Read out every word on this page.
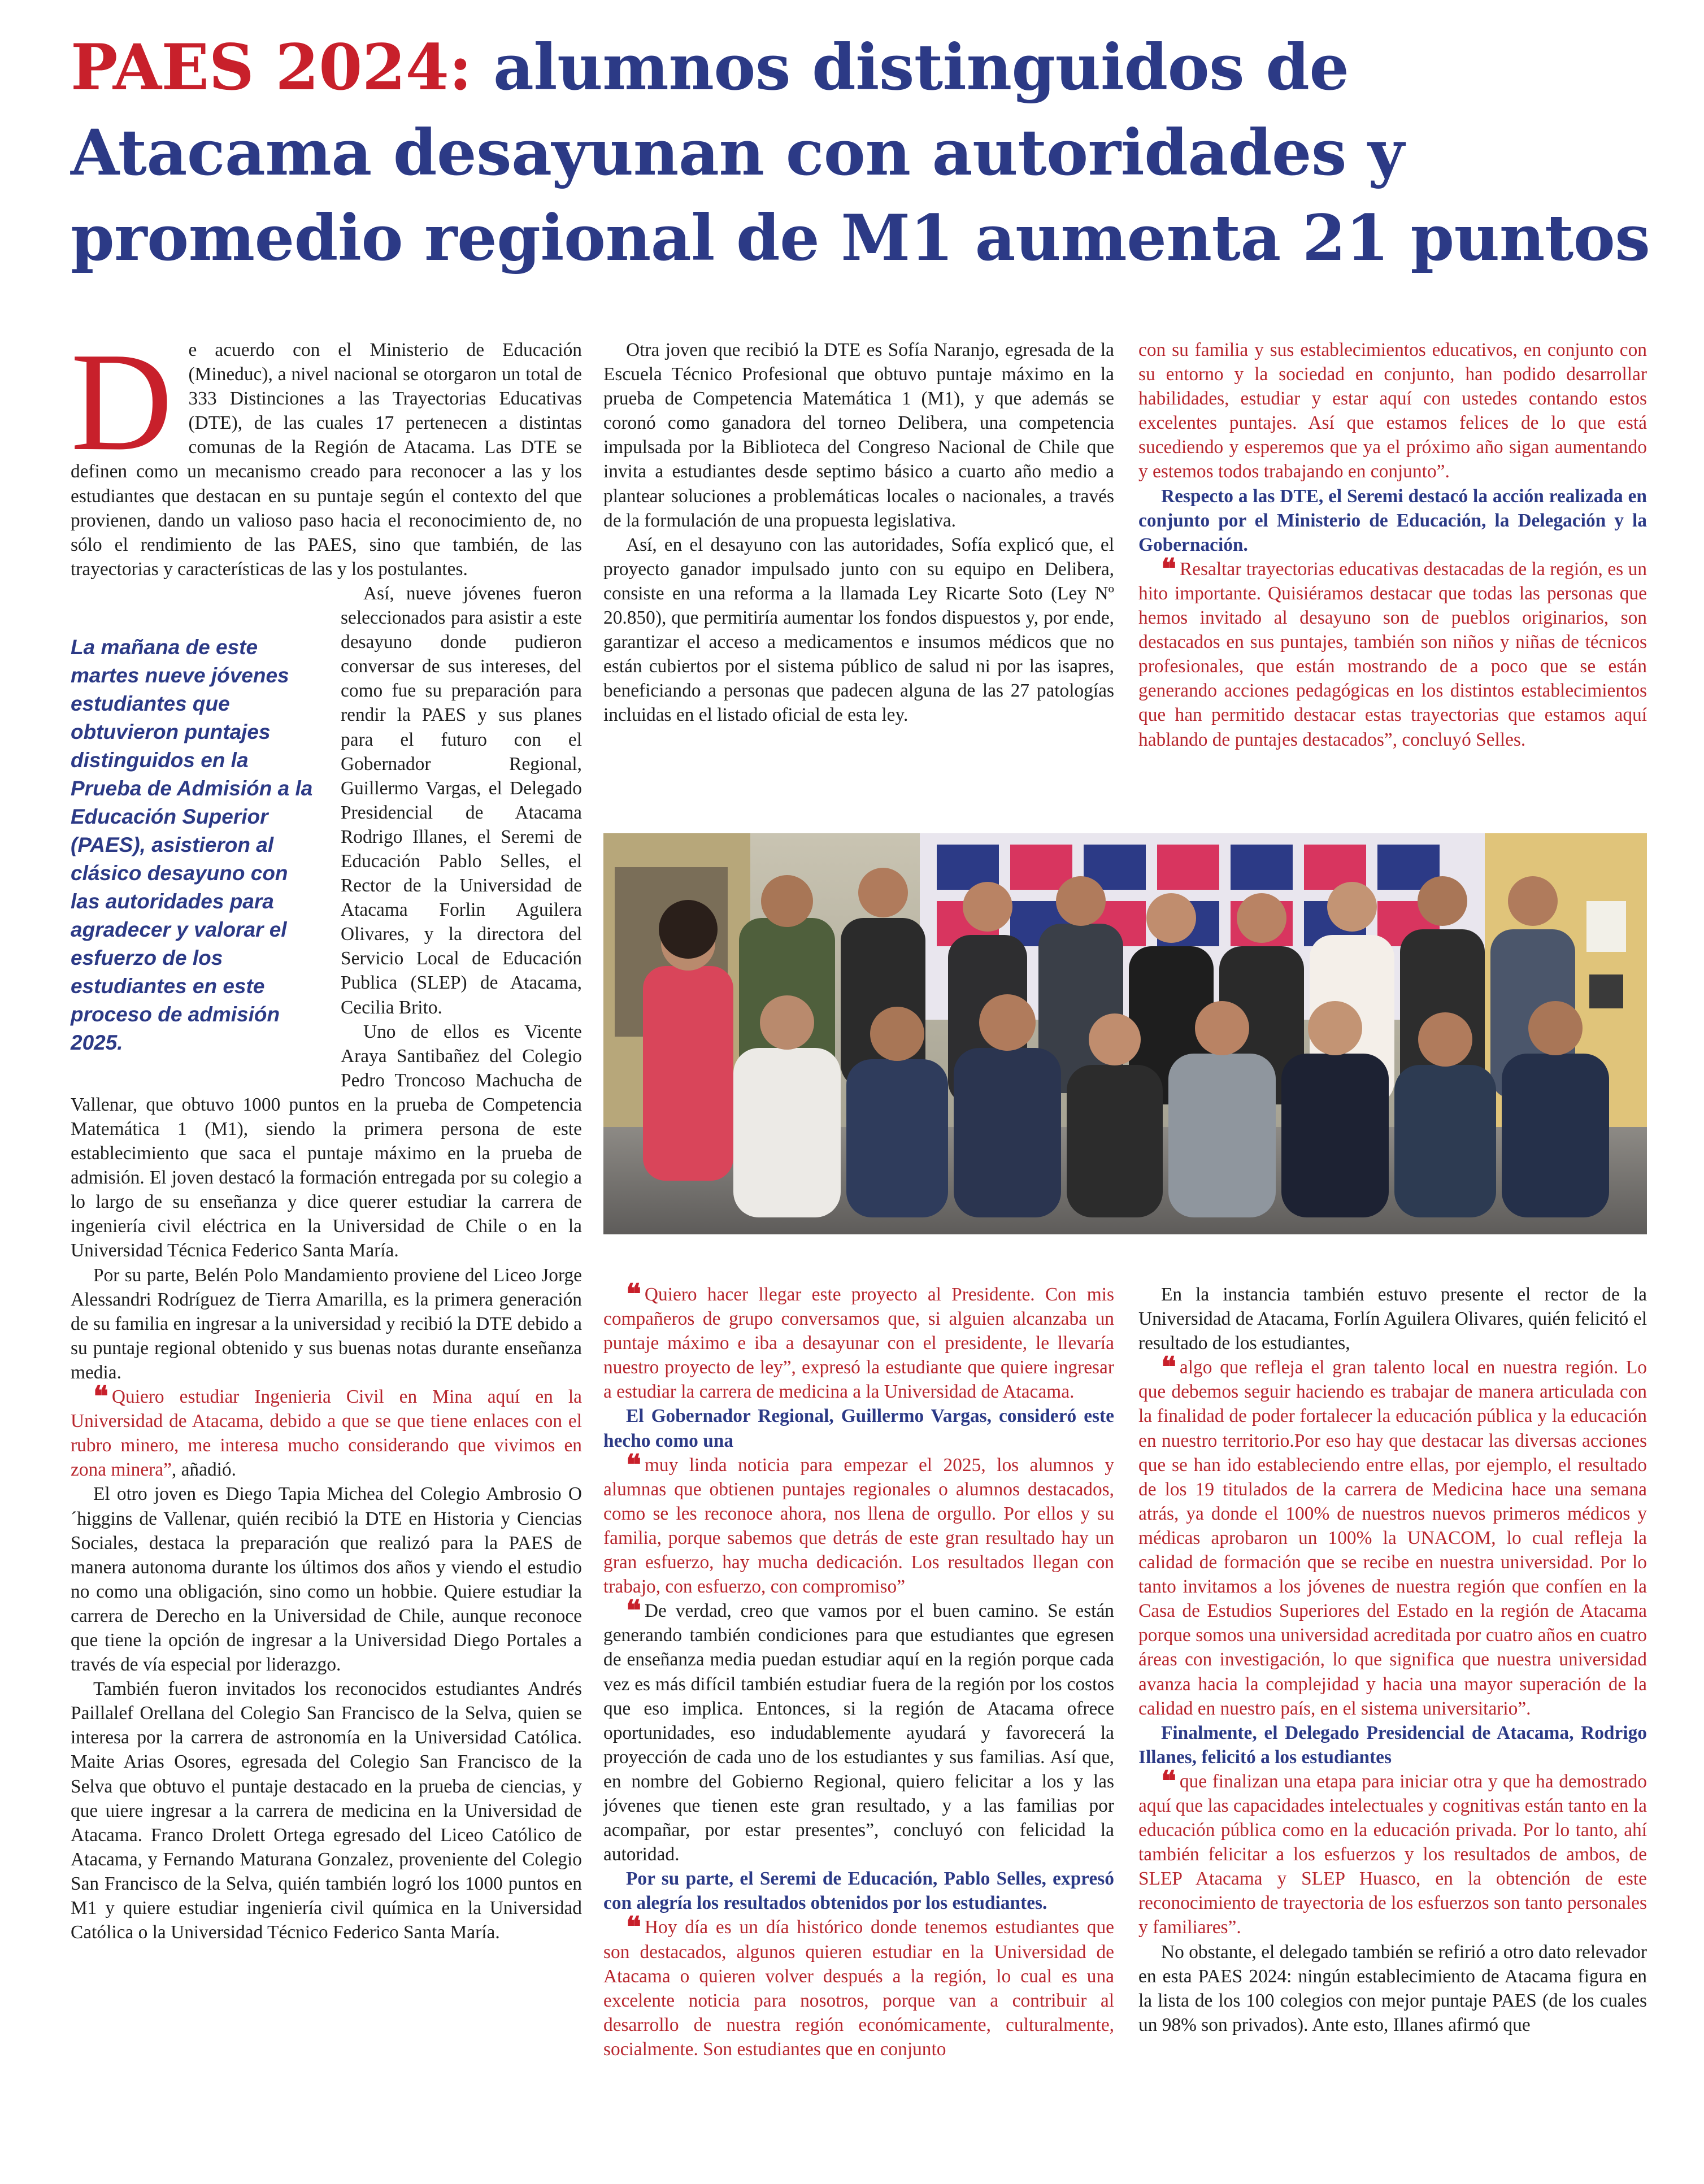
PAES 2024: alumnos distinguidos de Atacama desayunan con autoridades y promedio regional de M1 aumenta 21 puntos

De acuerdo con el Ministerio de Educación (Mineduc), a nivel nacional se otorgaron un total de 333 Distinciones a las Trayectorias Educativas (DTE), de las cuales 17 pertenecen a distintas comunas de la Región de Atacama. Las DTE se definen como un mecanismo creado para reconocer a las y los estudiantes que destacan en su puntaje según el contexto del que provienen, dando un valioso paso hacia el reconocimiento de, no sólo el rendimiento de las PAES, sino que también, de las trayectorias y características de las y los postulantes.

La mañana de este martes nueve jóvenes estudiantes que obtuvieron puntajes distinguidos en la Prueba de Admisión a la Educación Superior (PAES), asistieron al clásico desayuno con las autoridades para agradecer y valorar el esfuerzo de los estudiantes en este proceso de admisión 2025.

Así, nueve jóvenes fueron seleccionados para asistir a este desayuno donde pudieron conversar de sus intereses, del como fue su preparación para rendir la PAES y sus planes para el futuro con el Gobernador Regional, Guillermo Vargas, el Delegado Presidencial de Atacama Rodrigo Illanes, el Seremi de Educación Pablo Selles, el Rector de la Universidad de Atacama Forlin Aguilera Olivares, y la directora del Servicio Local de Educación Publica (SLEP) de Atacama, Cecilia Brito.

Uno de ellos es Vicente Araya Santibañez del Colegio Pedro Troncoso Machucha de Vallenar, que obtuvo 1000 puntos en la prueba de Competencia Matemática 1 (M1), siendo la primera persona de este establecimiento que saca el puntaje máximo en la prueba de admisión. El joven destacó la formación entregada por su colegio a lo largo de su enseñanza y dice querer estudiar la carrera de ingeniería civil eléctrica en la Universidad de Chile o en la Universidad Técnica Federico Santa María.

Por su parte, Belén Polo Mandamiento proviene del Liceo Jorge Alessandri Rodríguez de Tierra Amarilla, es la primera generación de su familia en ingresar a la universidad y recibió la DTE debido a su puntaje regional obtenido y sus buenas notas durante enseñanza media.

❝ Quiero estudiar Ingenieria Civil en Mina aquí en la Universidad de Atacama, debido a que se que tiene enlaces con el rubro minero, me interesa mucho considerando que vivimos en zona minera”, añadió.

El otro joven es Diego Tapia Michea del Colegio Ambrosio O´higgins de Vallenar, quién recibió la DTE en Historia y Ciencias Sociales, destaca la preparación que realizó para la PAES de manera autonoma durante los últimos dos años y viendo el estudio no como una obligación, sino como un hobbie. Quiere estudiar la carrera de Derecho en la Universidad de Chile, aunque reconoce que tiene la opción de ingresar a la Universidad Diego Portales a través de vía especial por liderazgo.

También fueron invitados los reconocidos estudiantes Andrés Paillalef Orellana del Colegio San Francisco de la Selva, quien se interesa por la carrera de astronomía en la Universidad Católica. Maite Arias Osores, egresada del Colegio San Francisco de la Selva que obtuvo el puntaje destacado en la prueba de ciencias, y que uiere ingresar a la carrera de medicina en la Universidad de Atacama. Franco Drolett Ortega egresado del Liceo Católico de Atacama, y Fernando Maturana Gonzalez, proveniente del Colegio San Francisco de la Selva, quién también logró los 1000 puntos en M1 y quiere estudiar ingeniería civil química en la Universidad Católica o la Universidad Técnico Federico Santa María.

Otra joven que recibió la DTE es Sofía Naranjo, egresada de la Escuela Técnico Profesional que obtuvo puntaje máximo en la prueba de Competencia Matemática 1 (M1), y que además se coronó como ganadora del torneo Delibera, una competencia impulsada por la Biblioteca del Congreso Nacional de Chile que invita a estudiantes desde septimo básico a cuarto año medio a plantear soluciones a problemáticas locales o nacionales, a través de la formulación de una propuesta legislativa.

Así, en el desayuno con las autoridades, Sofía explicó que, el proyecto ganador impulsado junto con su equipo en Delibera, consiste en una reforma a la llamada Ley Ricarte Soto (Ley Nº 20.850), que permitiría aumentar los fondos dispuestos y, por ende, garantizar el acceso a medicamentos e insumos médicos que no están cubiertos por el sistema público de salud ni por las isapres, beneficiando a personas que padecen alguna de las 27 patologías incluidas en el listado oficial de esta ley.

con su familia y sus establecimientos educativos, en conjunto con su entorno y la sociedad en conjunto, han podido desarrollar habilidades, estudiar y estar aquí con ustedes contando estos excelentes puntajes. Así que estamos felices de lo que está sucediendo y esperemos que ya el próximo año sigan aumentando y estemos todos trabajando en conjunto”.

Respecto a las DTE, el Seremi destacó la acción realizada en conjunto por el Ministerio de Educación, la Delegación y la Gobernación.

❝ Resaltar trayectorias educativas destacadas de la región, es un hito importante. Quisiéramos destacar que todas las personas que hemos invitado al desayuno son de pueblos originarios, son destacados en sus puntajes, también son niños y niñas de técnicos profesionales, que están mostrando de a poco que se están generando acciones pedagógicas en los distintos establecimientos que han permitido destacar estas trayectorias que estamos aquí hablando de puntajes destacados”, concluyó Selles.

❝ Quiero hacer llegar este proyecto al Presidente. Con mis compañeros de grupo conversamos que, si alguien alcanzaba un puntaje máximo e iba a desayunar con el presidente, le llevaría nuestro proyecto de ley”, expresó la estudiante que quiere ingresar a estudiar la carrera de medicina a la Universidad de Atacama.

El Gobernador Regional, Guillermo Vargas, consideró este hecho como una

❝ muy linda noticia para empezar el 2025, los alumnos y alumnas que obtienen puntajes regionales o alumnos destacados, como se les reconoce ahora, nos llena de orgullo. Por ellos y su familia, porque sabemos que detrás de este gran resultado hay un gran esfuerzo, hay mucha dedicación. Los resultados llegan con trabajo, con esfuerzo, con compromiso”

❝ De verdad, creo que vamos por el buen camino. Se están generando también condiciones para que estudiantes que egresen de enseñanza media puedan estudiar aquí en la región porque cada vez es más difícil también estudiar fuera de la región por los costos que eso implica. Entonces, si la región de Atacama ofrece oportunidades, eso indudablemente ayudará y favorecerá la proyección de cada uno de los estudiantes y sus familias. Así que, en nombre del Gobierno Regional, quiero felicitar a los y las jóvenes que tienen este gran resultado, y a las familias por acompañar, por estar presentes”, concluyó con felicidad la autoridad.

Por su parte, el Seremi de Educación, Pablo Selles, expresó con alegría los resultados obtenidos por los estudiantes.

❝ Hoy día es un día histórico donde tenemos estudiantes que son destacados, algunos quieren estudiar en la Universidad de Atacama o quieren volver después a la región, lo cual es una excelente noticia para nosotros, porque van a contribuir al desarrollo de nuestra región económicamente, culturalmente, socialmente. Son estudiantes que en conjunto

En la instancia también estuvo presente el rector de la Universidad de Atacama, Forlín Aguilera Olivares, quién felicitó el resultado de los estudiantes,

❝ algo que refleja el gran talento local en nuestra región. Lo que debemos seguir haciendo es trabajar de manera articulada con la finalidad de poder fortalecer la educación pública y la educación en nuestro territorio.Por eso hay que destacar las diversas acciones que se han ido estableciendo entre ellas, por ejemplo, el resultado de los 19 titulados de la carrera de Medicina hace una semana atrás, ya donde el 100% de nuestros nuevos primeros médicos y médicas aprobaron un 100% la UNACOM, lo cual refleja la calidad de formación que se recibe en nuestra universidad. Por lo tanto invitamos a los jóvenes de nuestra región que confíen en la Casa de Estudios Superiores del Estado en la región de Atacama porque somos una universidad acreditada por cuatro años en cuatro áreas con investigación, lo que significa que nuestra universidad avanza hacia la complejidad y hacia una mayor superación de la calidad en nuestro país, en el sistema universitario”.

Finalmente, el Delegado Presidencial de Atacama, Rodrigo Illanes, felicitó a los estudiantes

❝ que finalizan una etapa para iniciar otra y que ha demostrado aquí que las capacidades intelectuales y cognitivas están tanto en la educación pública como en la educación privada. Por lo tanto, ahí también felicitar a los esfuerzos y los resultados de ambos, de SLEP Atacama y SLEP Huasco, en la obtención de este reconocimiento de trayectoria de los esfuerzos son tanto personales y familiares”.

No obstante, el delegado también se refirió a otro dato relevador en esta PAES 2024: ningún establecimiento de Atacama figura en la lista de los 100 colegios con mejor puntaje PAES (de los cuales un 98% son privados). Ante esto, Illanes afirmó que
